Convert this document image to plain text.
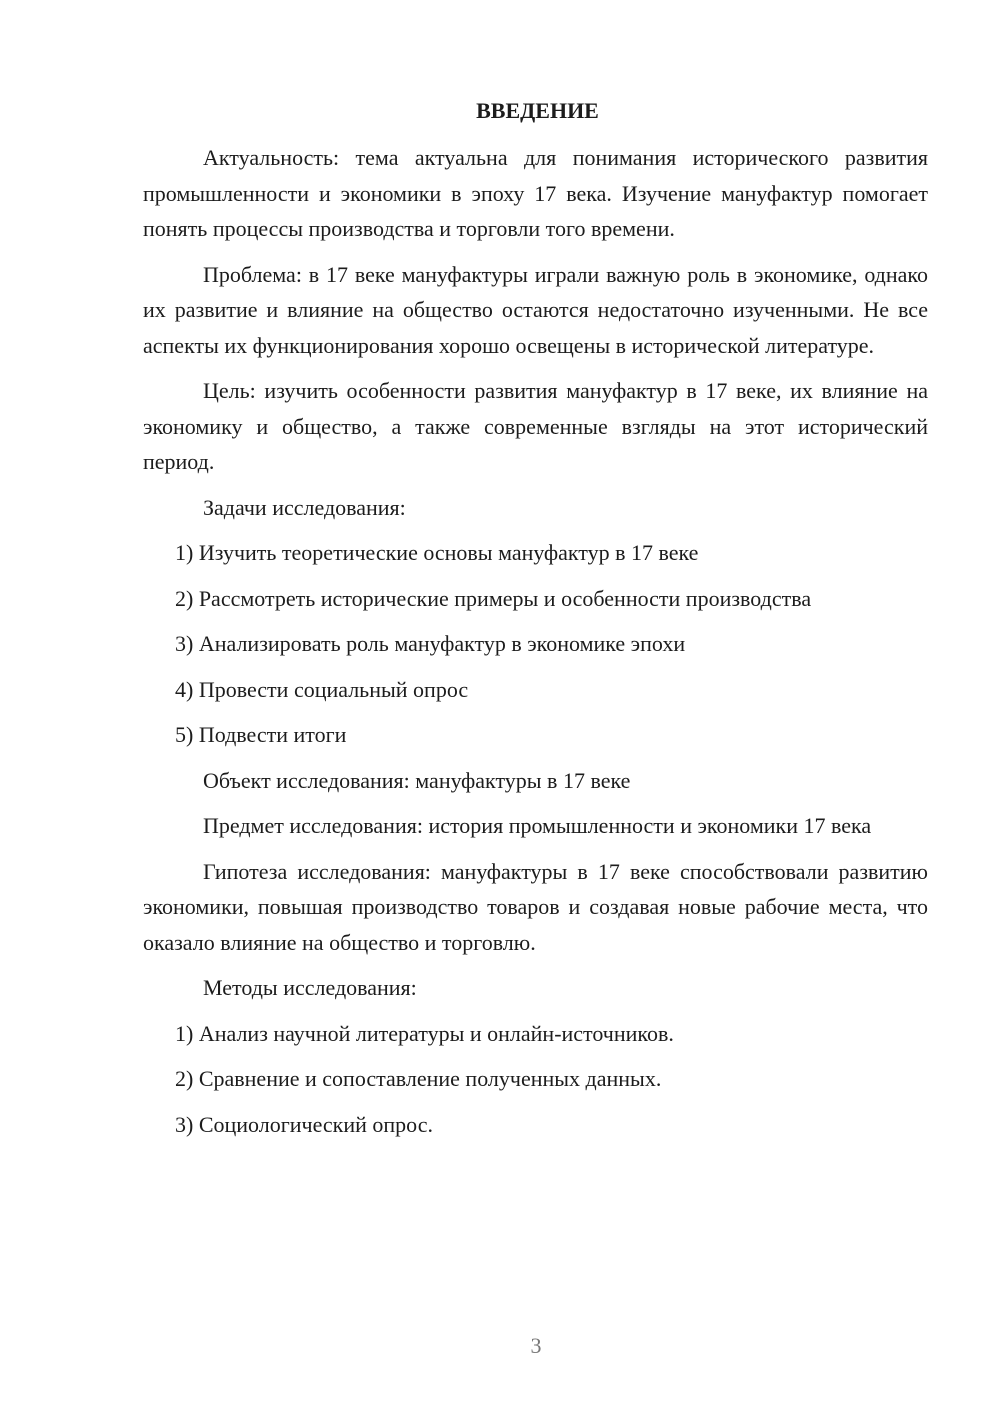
ВВЕДЕНИЕ
Актуальность: тема актуальна для понимания исторического развития промышленности и экономики в эпоху 17 века. Изучение мануфактур помогает понять процессы производства и торговли того времени.
Проблема: в 17 веке мануфактуры играли важную роль в экономике, однако их развитие и влияние на общество остаются недостаточно изученными. Не все аспекты их функционирования хорошо освещены в исторической литературе.
Цель: изучить особенности развития мануфактур в 17 веке, их влияние на экономику и общество, а также современные взгляды на этот исторический период.
Задачи исследования:
1) Изучить теоретические основы мануфактур в 17 веке
2) Рассмотреть исторические примеры и особенности производства
3) Анализировать роль мануфактур в экономике эпохи
4) Провести социальный опрос
5) Подвести итоги
Объект исследования: мануфактуры в 17 веке
Предмет исследования: история промышленности и экономики 17 века
Гипотеза исследования: мануфактуры в 17 веке способствовали развитию экономики, повышая производство товаров и создавая новые рабочие места, что оказало влияние на общество и торговлю.
Методы исследования:
1) Анализ научной литературы и онлайн-источников.
2) Сравнение и сопоставление полученных данных.
3) Социологический опрос.
3
